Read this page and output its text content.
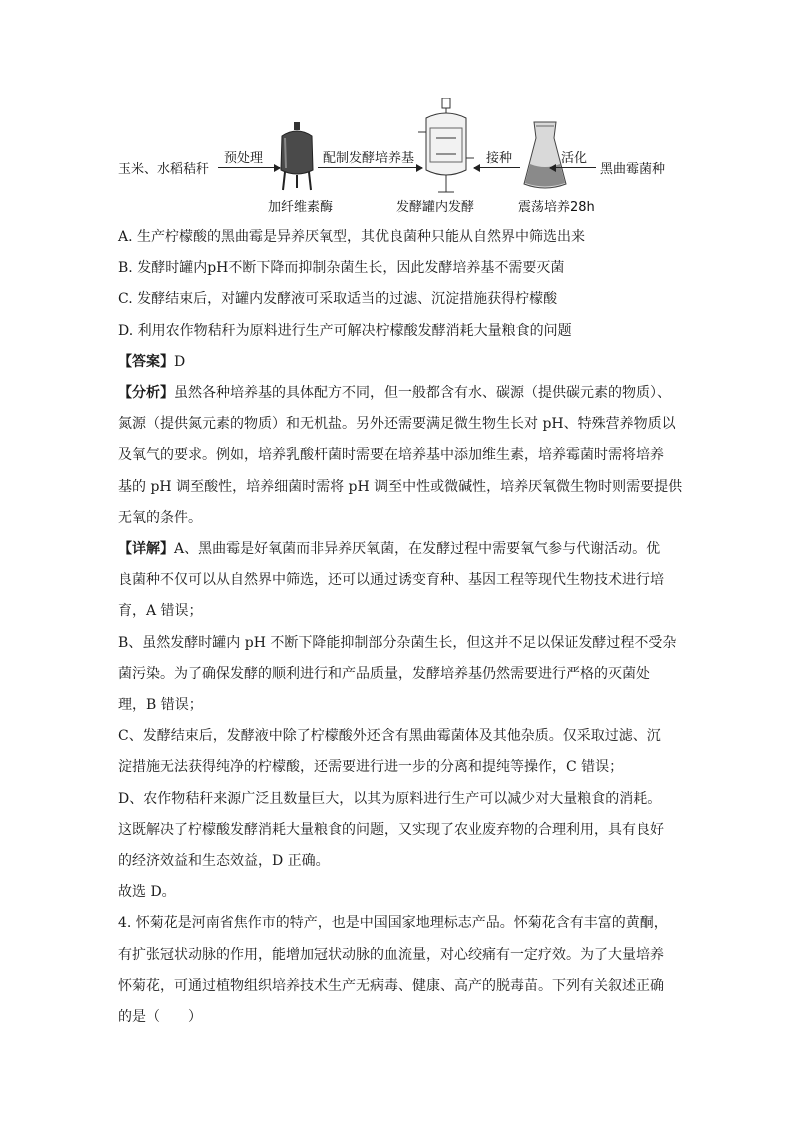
玉米、水稻秸秆
预处理
加纤维素酶
配制发酵培养基
发酵罐内发酵
接种
震荡培养28h
活化
黑曲霉菌种

A. 生产柠檬酸的黑曲霉是异养厌氧型，其优良菌种只能从自然界中筛选出来

B. 发酵时罐内pH不断下降而抑制杂菌生长，因此发酵培养基不需要灭菌

C. 发酵结束后，对罐内发酵液可采取适当的过滤、沉淀措施获得柠檬酸

D. 利用农作物秸秆为原料进行生产可解决柠檬酸发酵消耗大量粮食的问题

【答案】D

【分析】虽然各种培养基的具体配方不同，但一般都含有水、碳源（提供碳元素的物质）、

氮源（提供氮元素的物质）和无机盐。另外还需要满足微生物生长对 pH、特殊营养物质以

及氧气的要求。例如，培养乳酸杆菌时需要在培养基中添加维生素，培养霉菌时需将培养

基的 pH 调至酸性，培养细菌时需将 pH 调至中性或微碱性，培养厌氧微生物时则需要提供

无氧的条件。

【详解】A、黑曲霉是好氧菌而非异养厌氧菌，在发酵过程中需要氧气参与代谢活动。优

良菌种不仅可以从自然界中筛选，还可以通过诱变育种、基因工程等现代生物技术进行培

育，A 错误；

B、虽然发酵时罐内 pH 不断下降能抑制部分杂菌生长，但这并不足以保证发酵过程不受杂

菌污染。为了确保发酵的顺利进行和产品质量，发酵培养基仍然需要进行严格的灭菌处

理，B 错误；

C、发酵结束后，发酵液中除了柠檬酸外还含有黑曲霉菌体及其他杂质。仅采取过滤、沉

淀措施无法获得纯净的柠檬酸，还需要进行进一步的分离和提纯等操作，C 错误；

D、农作物秸秆来源广泛且数量巨大，以其为原料进行生产可以减少对大量粮食的消耗。

这既解决了柠檬酸发酵消耗大量粮食的问题，又实现了农业废弃物的合理利用，具有良好

的经济效益和生态效益，D 正确。

故选 D。

4. 怀菊花是河南省焦作市的特产，也是中国国家地理标志产品。怀菊花含有丰富的黄酮，

有扩张冠状动脉的作用，能增加冠状动脉的血流量，对心绞痛有一定疗效。为了大量培养

怀菊花，可通过植物组织培养技术生产无病毒、健康、高产的脱毒苗。下列有关叙述正确

的是（　　）
